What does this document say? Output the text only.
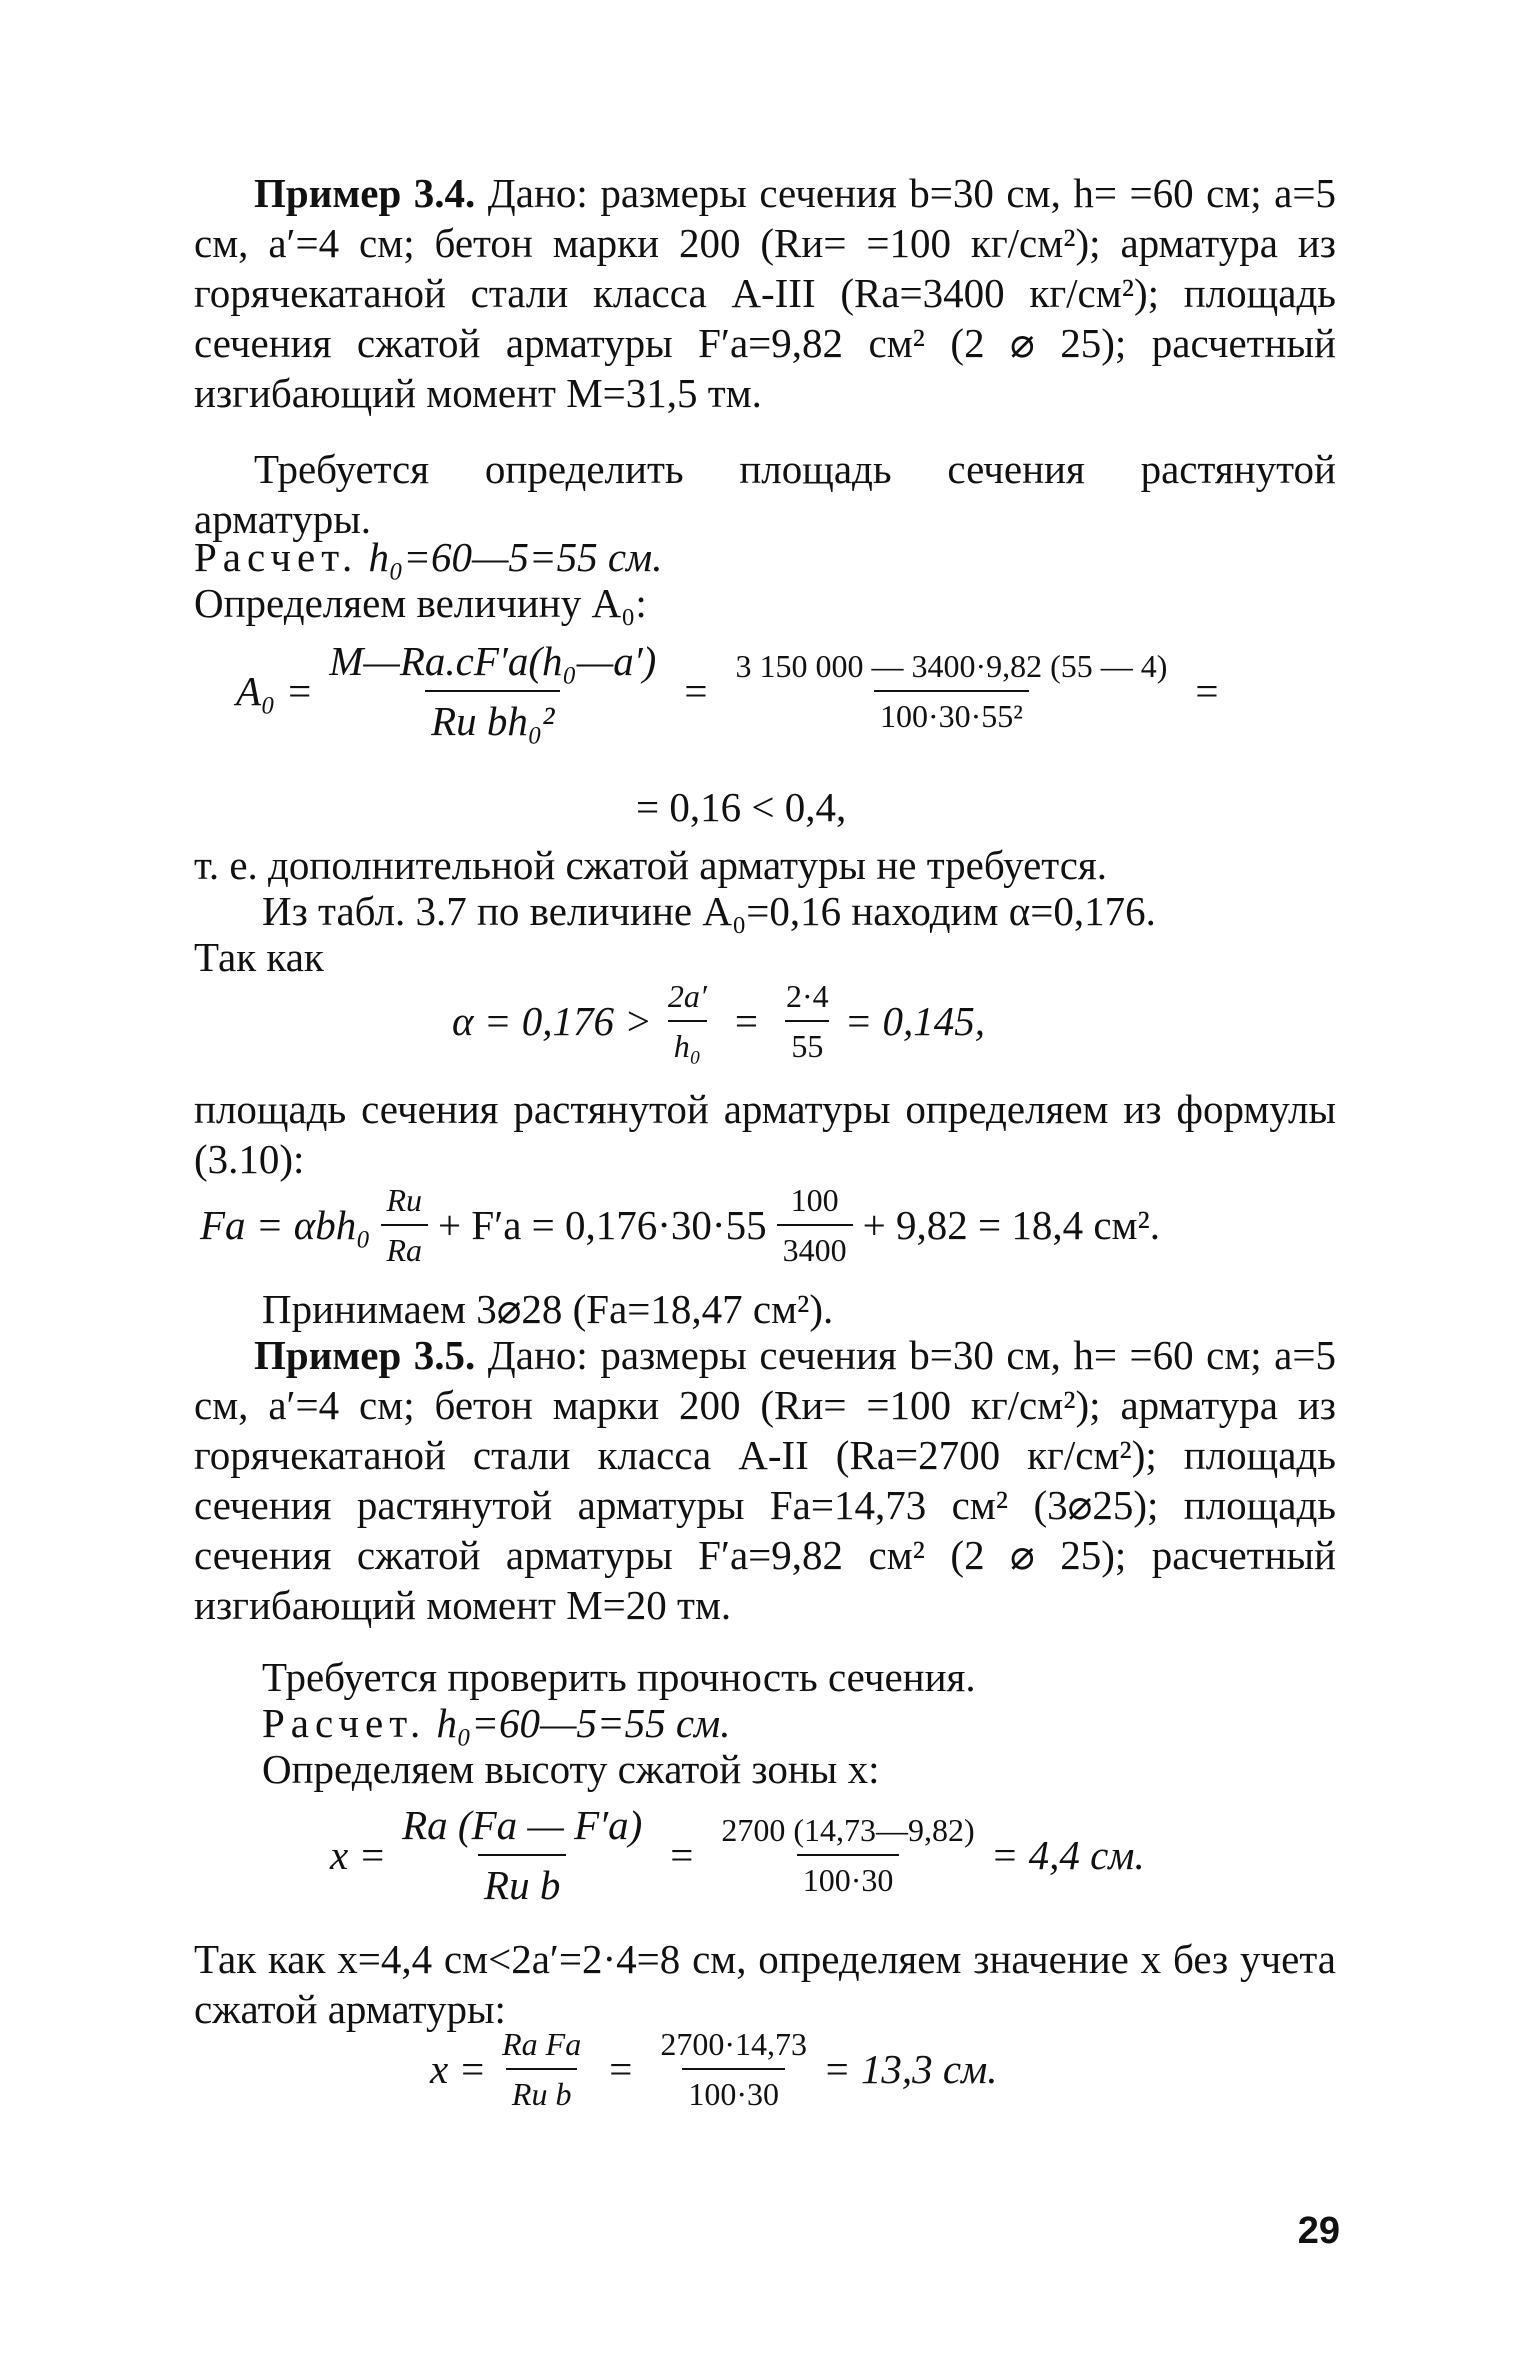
Пример 3.4. Дано: размеры сечения b=30 см, h= =60 см; a=5 см, a′=4 см; бетон марки 200 (Rи= =100 кг/см²); арматура из горячекатаной стали класса А-III (Rа=3400 кг/см²); площадь сечения сжатой арматуры F′а=9,82 см² (2 ⌀ 25); расчетный изгибающий момент M=31,5 тм.

Требуется определить площадь сечения растянутой арматуры.

Расчет. h₀=60—5=55 см.
Определяем величину A₀:
$A_0 = \frac{\text{M—Rа.сF′а(h₀—a′)}}{\text{Rи bh₀²}} = \frac{3 150 000 — 3400\cdot 9,82 (55 — 4)}{\text{100·30·55²}}$ =
= 0,16 < 0,4,
т. е. дополнительной сжатой арматуры не требуется.
Из табл. 3.7 по величине A₀=0,16 находим α=0,176.
Так как
$\alpha = 0,176 > \frac{2a'}{\text{h₀}} = \frac{2\cdot 4}{55} = 0,145$,

площадь сечения растянутой арматуры определяем из формулы (3.10):

Fа = $\alpha bh_0 \frac{Rи}{Rа} + F'а = 0,176\cdot 30\cdot 55 \frac{100}{3400} + 9,82 = 18,4$ см².
Принимаем 3⌀28 (Fа=18,47 см²).

Пример 3.5. Дано: размеры сечения b=30 см, h= =60 см; a=5 см, a′=4 см; бетон марки 200 (Rи= =100 кг/см²); арматура из горячекатаной стали класса А-II (Rа=2700 кг/см²); площадь сечения растянутой арматуры Fа=14,73 см² (3⌀25); площадь сечения сжатой арматуры F′а=9,82 см² (2 ⌀ 25); расчетный изгибающий момент M=20 тм.

Требуется проверить прочность сечения.
Расчет. h₀=60—5=55 см.
Определяем высоту сжатой зоны x:
$x = \frac{Rа (Fа — F'а)}{\text{Rи b}} = \frac{2700 (14,73—9,82)}{100\cdot 30} = 4,4$ см.

Так как x=4,4 см<2a′=2·4=8 см, определяем значение x без учета сжатой арматуры:

$x = \frac{\text{Rа Fа}}{\text{Rи b}} = \frac{2700\cdot 14,73}{100\cdot 30} = 13,3$ см.
29
